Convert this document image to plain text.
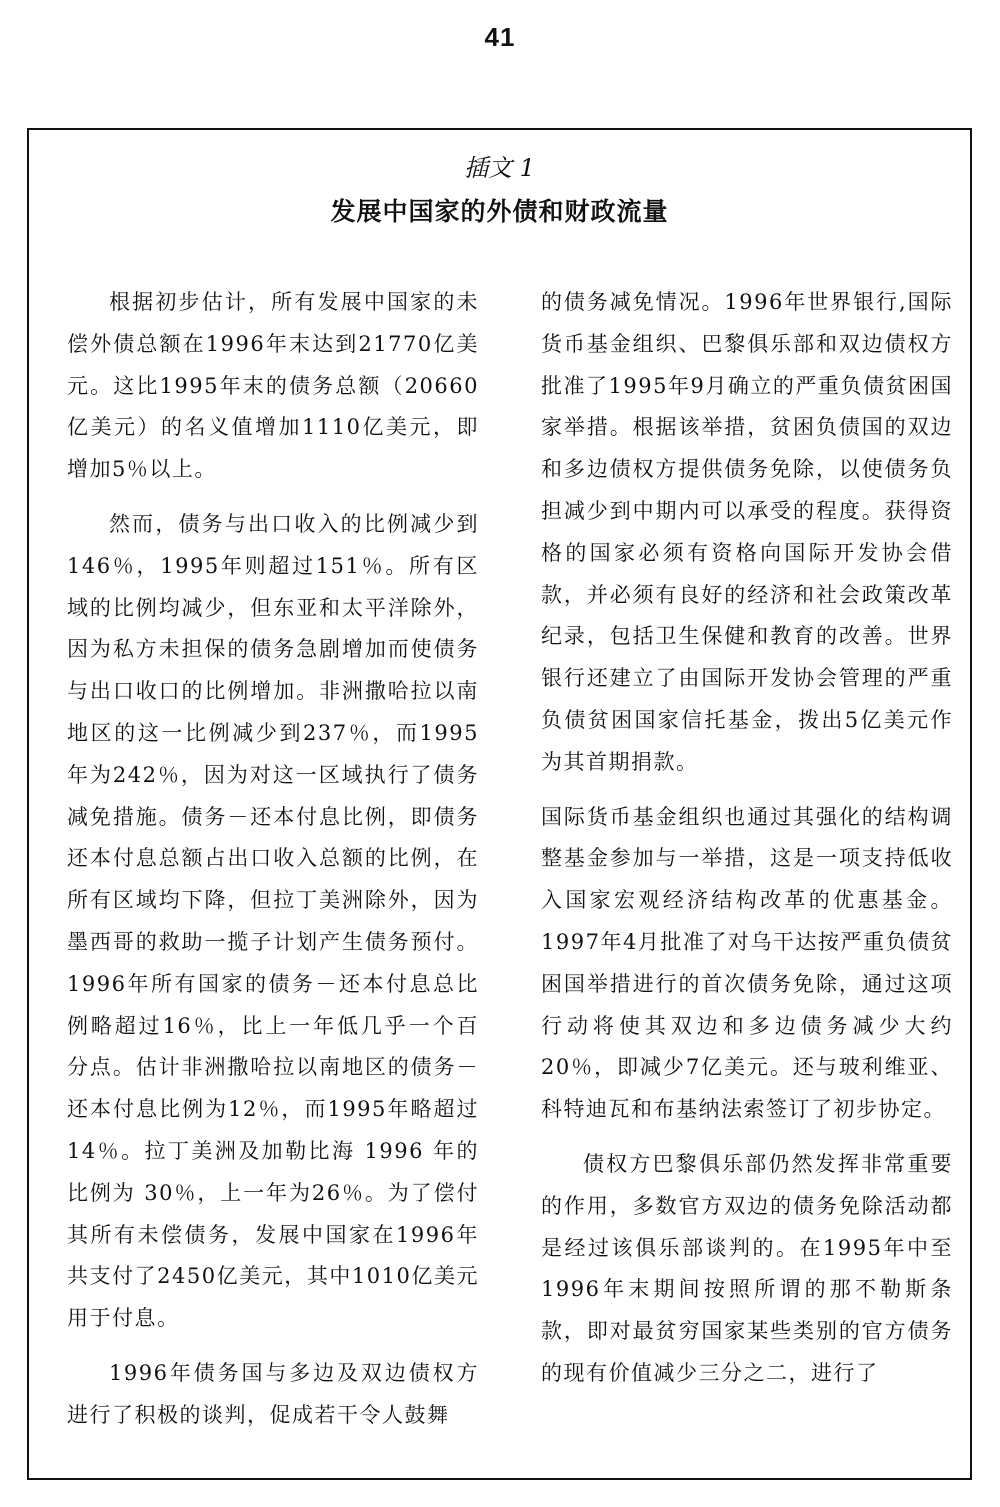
41
插文 1
发展中国家的外债和财政流量

根据初步估计，所有发展中国家的未偿外债总额在1996年末达到21770亿美元。这比1995年末的债务总额（20660亿美元）的名义值增加1110亿美元，即增加5％以上。

然而，债务与出口收入的比例减少到146％，1995年则超过151％。所有区域的比例均减少，但东亚和太平洋除外，因为私方未担保的债务急剧增加而使债务与出口收口的比例增加。非洲撒哈拉以南地区的这一比例减少到237％，而1995年为242％，因为对这一区域执行了债务减免措施。债务－还本付息比例，即债务还本付息总额占出口收入总额的比例，在所有区域均下降，但拉丁美洲除外，因为墨西哥的救助一揽子计划产生债务预付。1996年所有国家的债务－还本付息总比例略超过16％，比上一年低几乎一个百分点。估计非洲撒哈拉以南地区的债务－还本付息比例为12％，而1995年略超过14％。拉丁美洲及加勒比海 1996 年的比例为 30％，上一年为26％。为了偿付其所有未偿债务，发展中国家在1996年共支付了2450亿美元，其中1010亿美元用于付息。

1996年债务国与多边及双边债权方进行了积极的谈判，促成若干令人鼓舞

的债务减免情况。1996年世界银行,国际货币基金组织、巴黎俱乐部和双边债权方批准了1995年9月确立的严重负债贫困国家举措。根据该举措，贫困负债国的双边和多边债权方提供债务免除，以使债务负担减少到中期内可以承受的程度。获得资格的国家必须有资格向国际开发协会借款，并必须有良好的经济和社会政策改革纪录，包括卫生保健和教育的改善。世界银行还建立了由国际开发协会管理的严重负债贫困国家信托基金，拨出5亿美元作为其首期捐款。

国际货币基金组织也通过其强化的结构调整基金参加与一举措，这是一项支持低收入国家宏观经济结构改革的优惠基金。1997年4月批准了对乌干达按严重负债贫困国举措进行的首次债务免除，通过这项行动将使其双边和多边债务减少大约20％，即减少7亿美元。还与玻利维亚、科特迪瓦和布基纳法索签订了初步协定。

债权方巴黎俱乐部仍然发挥非常重要的作用，多数官方双边的债务免除活动都是经过该俱乐部谈判的。在1995年中至1996年末期间按照所谓的那不勒斯条款，即对最贫穷国家某些类别的官方债务的现有价值减少三分之二，进行了
